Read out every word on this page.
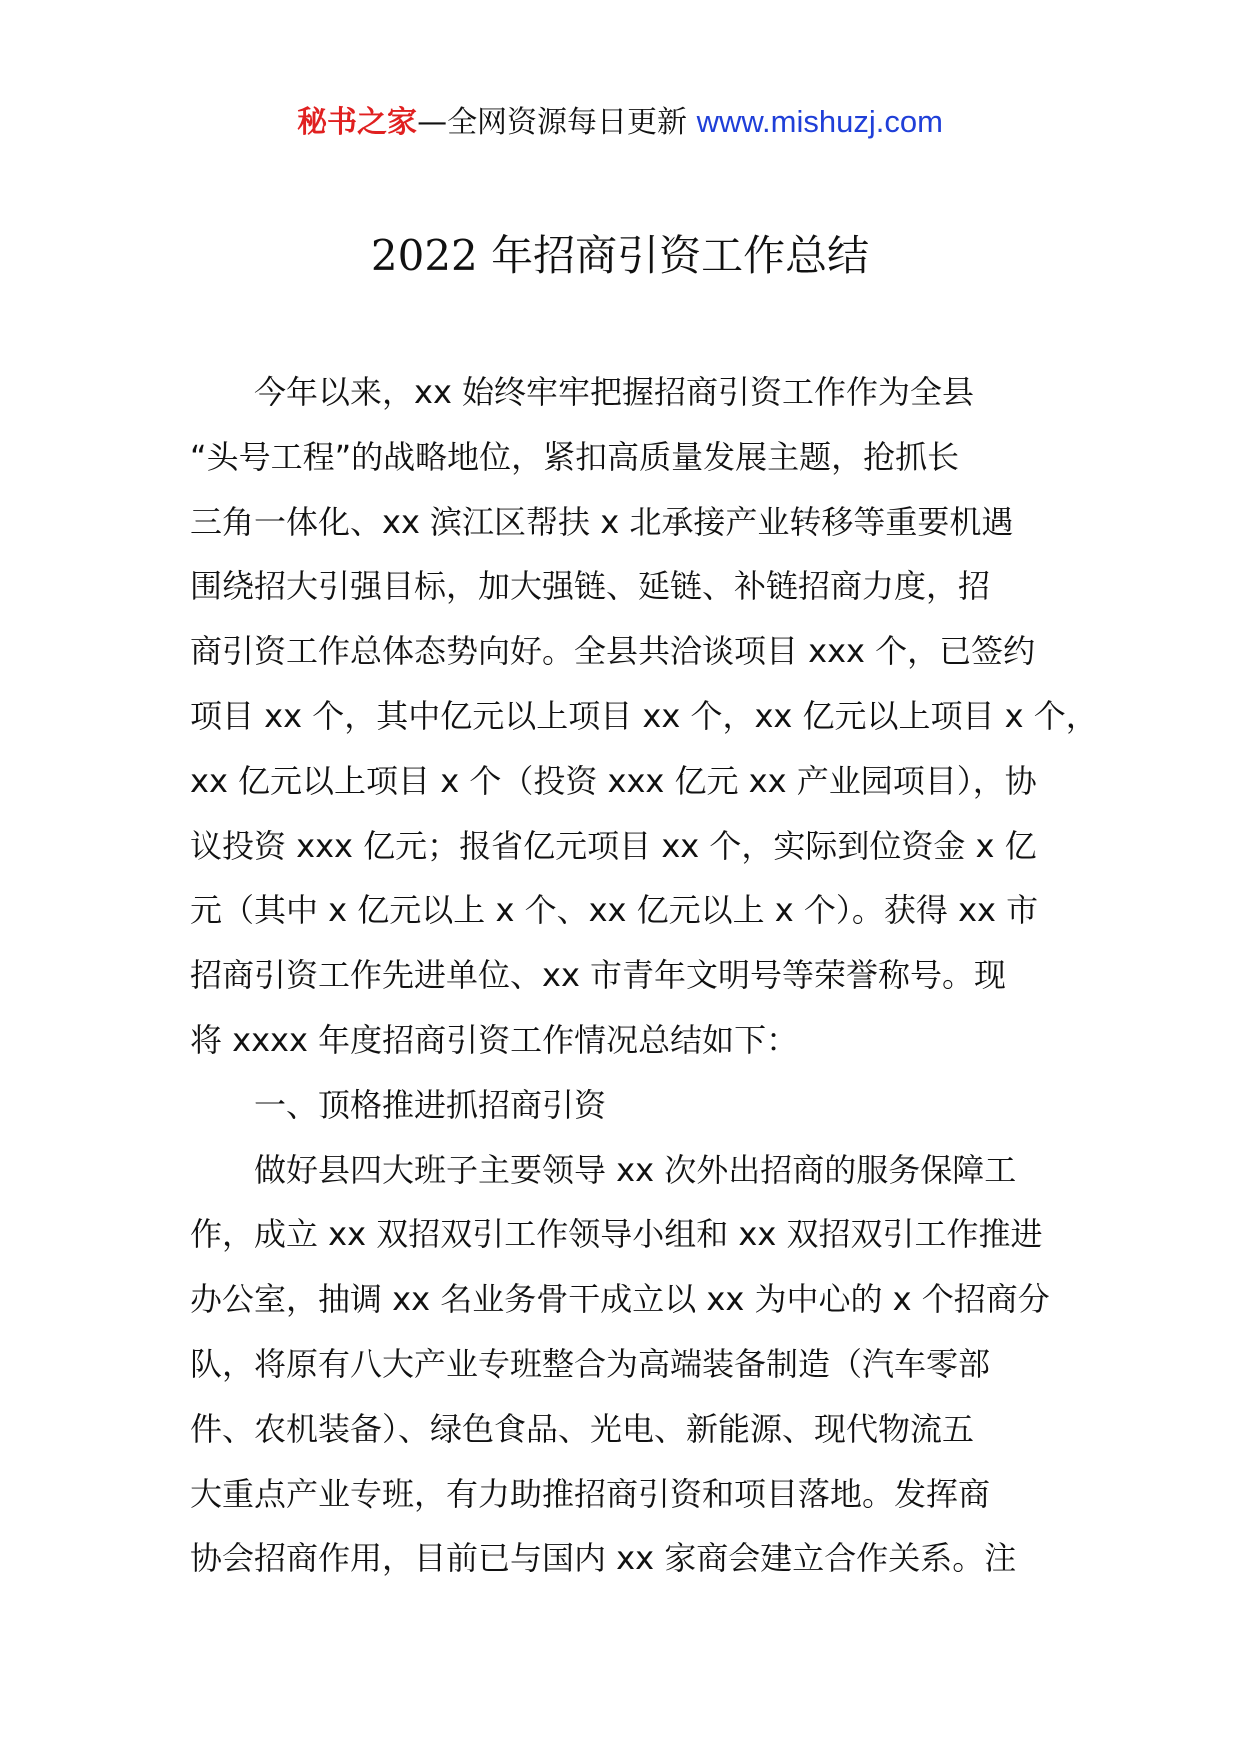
秘书之家—全网资源每日更新 www.mishuzj.com
2022 年招商引资工作总结
　　今年以来，xx 始终牢牢把握招商引资工作作为全县
“头号工程”的战略地位，紧扣高质量发展主题，抢抓长
三角一体化、xx 滨江区帮扶 x 北承接产业转移等重要机遇
围绕招大引强目标，加大强链、延链、补链招商力度，招
商引资工作总体态势向好。全县共洽谈项目 xxx 个，已签约
项目 xx 个，其中亿元以上项目 xx 个，xx 亿元以上项目 x 个，
xx 亿元以上项目 x 个（投资 xxx 亿元 xx 产业园项目），协
议投资 xxx 亿元；报省亿元项目 xx 个，实际到位资金 x 亿
元（其中 x 亿元以上 x 个、xx 亿元以上 x 个）。获得 xx 市
招商引资工作先进单位、xx 市青年文明号等荣誉称号。现
将 xxxx 年度招商引资工作情况总结如下：
　　一、顶格推进抓招商引资
　　做好县四大班子主要领导 xx 次外出招商的服务保障工
作，成立 xx 双招双引工作领导小组和 xx 双招双引工作推进
办公室，抽调 xx 名业务骨干成立以 xx 为中心的 x 个招商分
队，将原有八大产业专班整合为高端装备制造（汽车零部
件、农机装备）、绿色食品、光电、新能源、现代物流五
大重点产业专班，有力助推招商引资和项目落地。发挥商
协会招商作用，目前已与国内 xx 家商会建立合作关系。注
